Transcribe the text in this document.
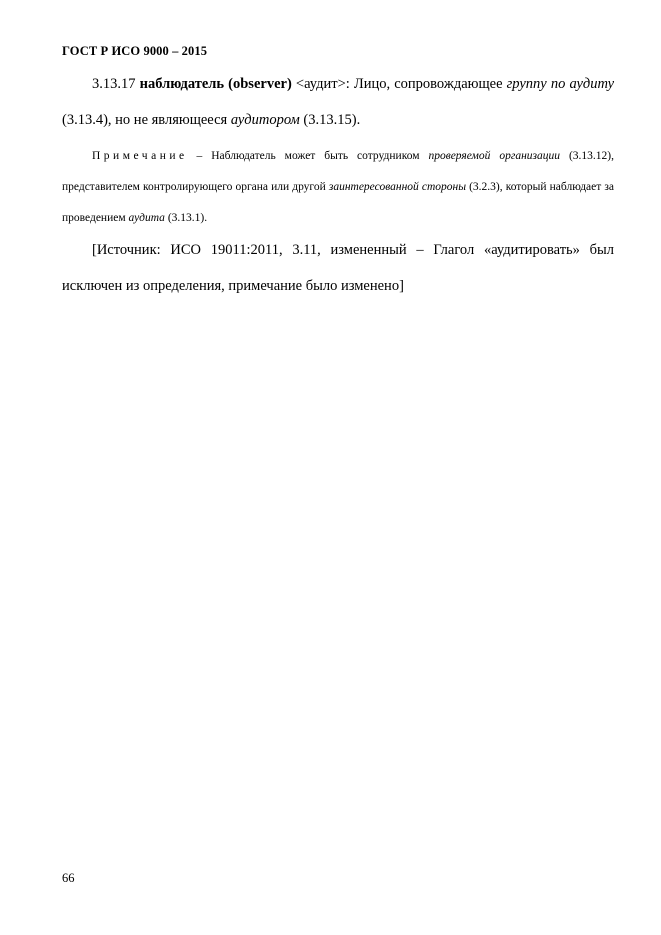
ГОСТ Р ИСО 9000 – 2015

3.13.17 наблюдатель (observer) <аудит>: Лицо, сопровождающее группу по аудиту (3.13.4), но не являющееся аудитором (3.13.15).

Примечание – Наблюдатель может быть сотрудником проверяемой организации (3.13.12), представителем контролирующего органа или другой заинтересованной стороны (3.2.3), который наблюдает за проведением аудита (3.13.1).

[Источник: ИСО 19011:2011, 3.11, измененный – Глагол «аудитировать» был исключен из определения, примечание было изменено]

66
